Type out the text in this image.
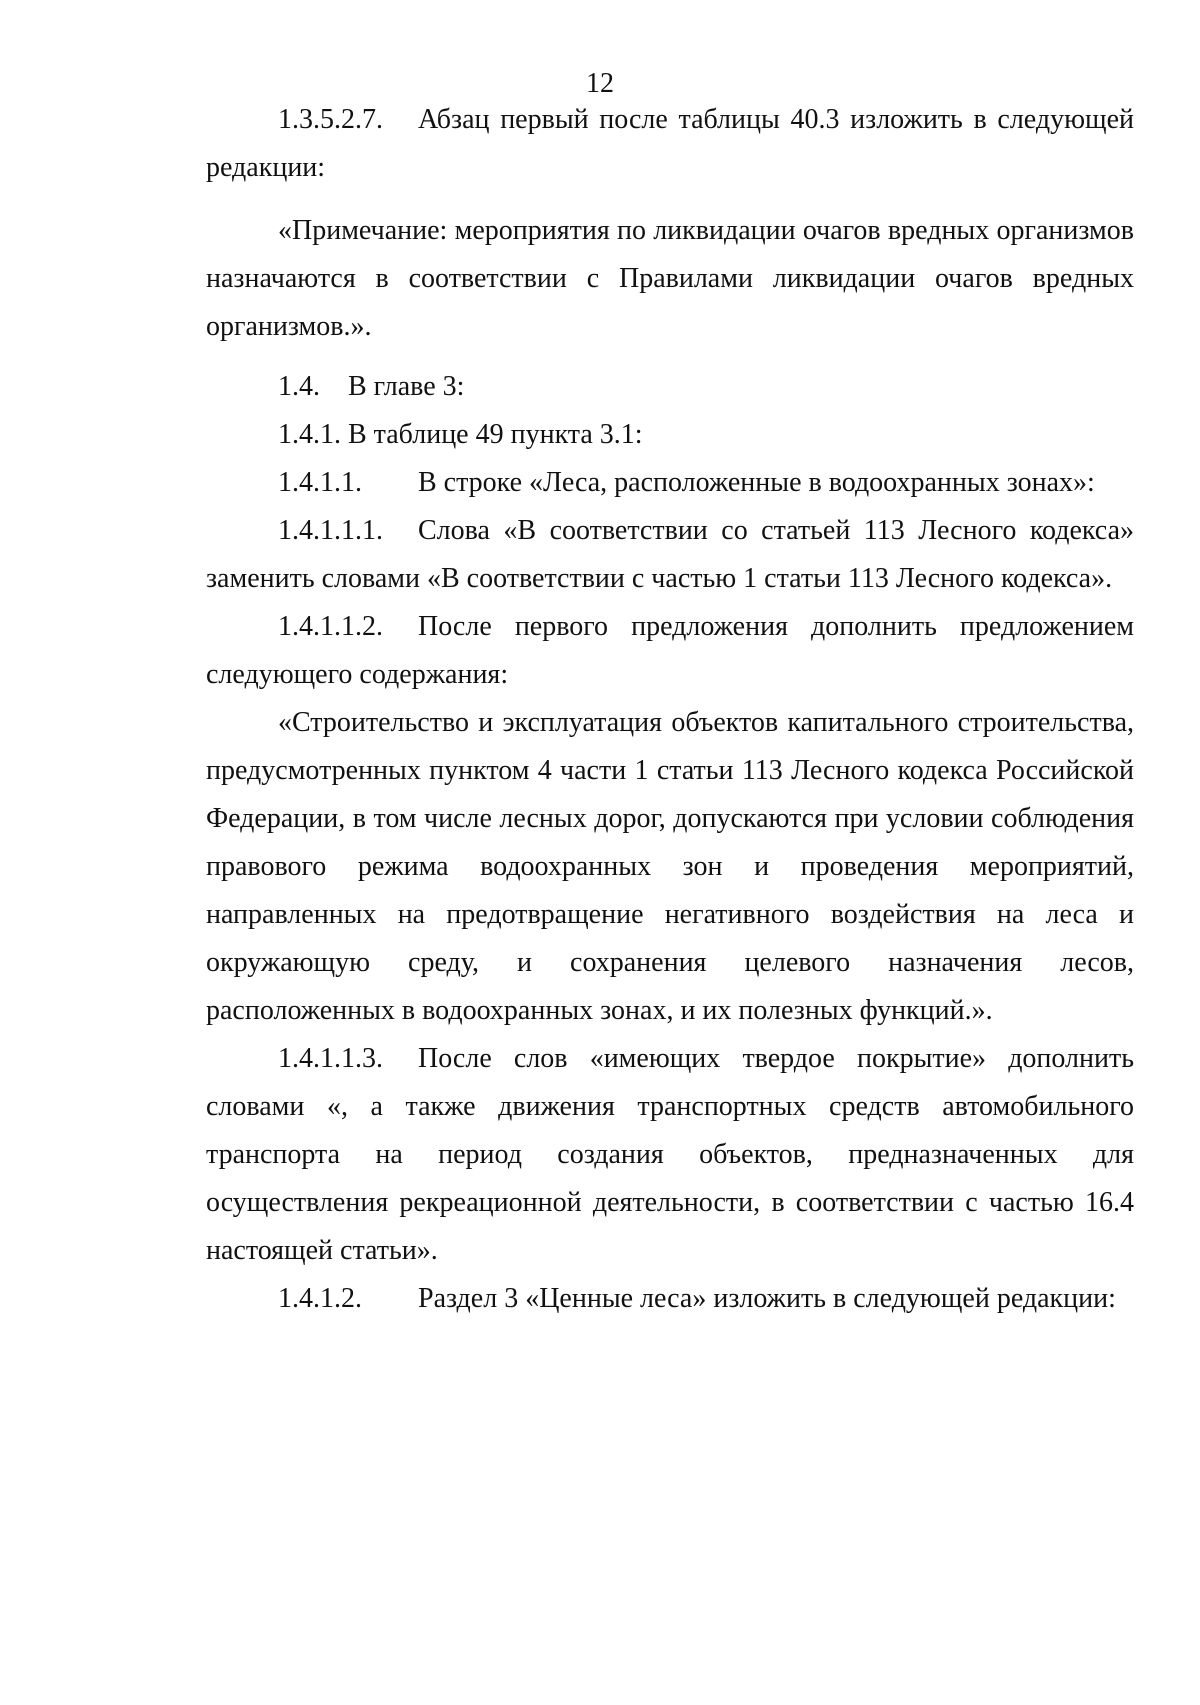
12

1.3.5.2.7. Абзац первый после таблицы 40.3 изложить в следующей редакции:

«Примечание: мероприятия по ликвидации очагов вредных организмов назначаются в соответствии с Правилами ликвидации очагов вредных организмов.».

1.4. В главе 3:

1.4.1. В таблице 49 пункта 3.1:

1.4.1.1. В строке «Леса, расположенные в водоохранных зонах»:

1.4.1.1.1. Слова «В соответствии со статьей 113 Лесного кодекса» заменить словами «В соответствии с частью 1 статьи 113 Лесного кодекса».

1.4.1.1.2. После первого предложения дополнить предложением следующего содержания:

«Строительство и эксплуатация объектов капитального строительства, предусмотренных пунктом 4 части 1 статьи 113 Лесного кодекса Российской Федерации, в том числе лесных дорог, допускаются при условии соблюдения правового режима водоохранных зон и проведения мероприятий, направленных на предотвращение негативного воздействия на леса и окружающую среду, и сохранения целевого назначения лесов, расположенных в водоохранных зонах, и их полезных функций.».

1.4.1.1.3. После слов «имеющих твердое покрытие» дополнить словами «, а также движения транспортных средств автомобильного транспорта на период создания объектов, предназначенных для осуществления рекреационной деятельности, в соответствии с частью 16.4 настоящей статьи».

1.4.1.2. Раздел 3 «Ценные леса» изложить в следующей редакции:
